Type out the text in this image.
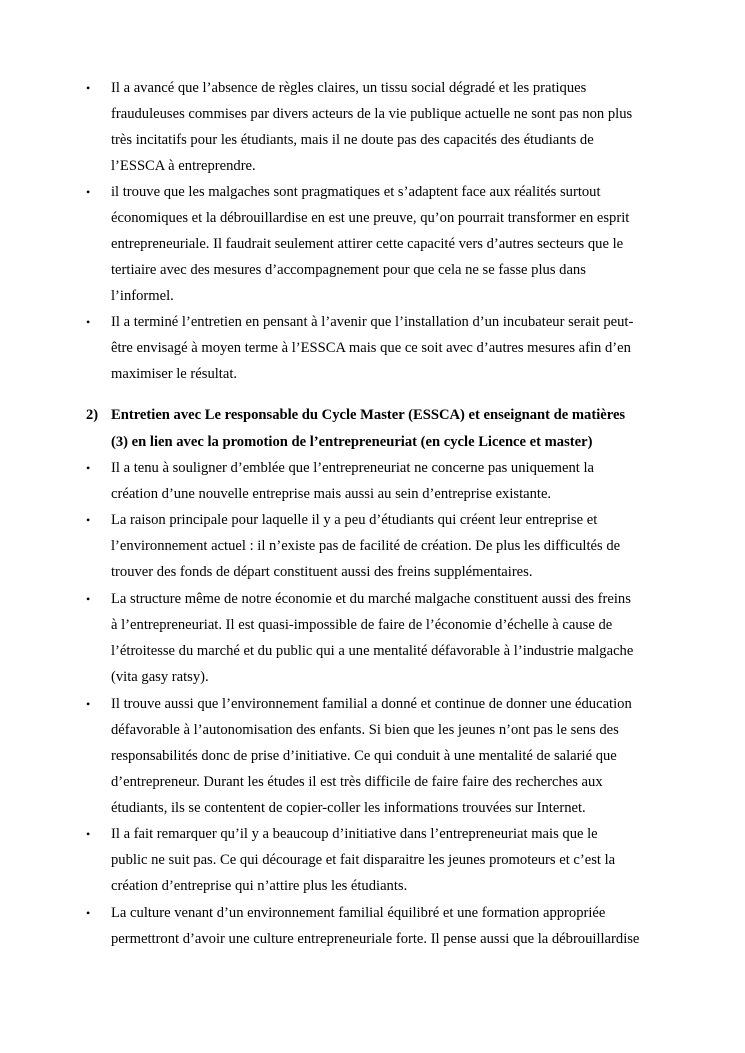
• Il a avancé que l’absence de règles claires, un tissu social dégradé et les pratiques
frauduleuses commises par divers acteurs de la vie publique actuelle ne sont pas non plus
très incitatifs pour les étudiants, mais il ne doute pas des capacités des étudiants de
l’ESSCA à entreprendre.
• il trouve que les malgaches sont pragmatiques et s’adaptent face aux réalités surtout
économiques et la débrouillardise en est une preuve, qu’on pourrait transformer en esprit
entrepreneuriale. Il faudrait seulement attirer cette capacité vers d’autres secteurs que le
tertiaire avec des mesures d’accompagnement pour que cela ne se fasse plus dans
l’informel.
• Il a terminé l’entretien en pensant à l’avenir que l’installation d’un incubateur serait peut-
être envisagé à moyen terme à l’ESSCA mais que ce soit avec d’autres mesures afin d’en
maximiser le résultat.
2) Entretien avec Le responsable du Cycle Master (ESSCA) et enseignant de matières
(3) en lien avec la promotion de l’entrepreneuriat (en cycle Licence et master)
• Il a tenu à souligner d’emblée que l’entrepreneuriat ne concerne pas uniquement la
création d’une nouvelle entreprise mais aussi au sein d’entreprise existante.
• La raison principale pour laquelle il y a peu d’étudiants qui créent leur entreprise et
l’environnement actuel : il n’existe pas de facilité de création. De plus les difficultés de
trouver des fonds de départ constituent aussi des freins supplémentaires.
• La structure même de notre économie et du marché malgache constituent aussi des freins
à l’entrepreneuriat. Il est quasi-impossible de faire de l’économie d’échelle à cause de
l’étroitesse du marché et du public qui a une mentalité défavorable à l’industrie malgache
(vita gasy ratsy).
• Il trouve aussi que l’environnement familial a donné et continue de donner une éducation
défavorable à l’autonomisation des enfants. Si bien que les jeunes n’ont pas le sens des
responsabilités donc de prise d’initiative. Ce qui conduit à une mentalité de salarié que
d’entrepreneur. Durant les études il est très difficile de faire faire des recherches aux
étudiants, ils se contentent de copier-coller les informations trouvées sur Internet.
• Il a fait remarquer qu’il y a beaucoup d’initiative dans l’entrepreneuriat mais que le
public ne suit pas. Ce qui décourage et fait disparaitre les jeunes promoteurs et c’est la
création d’entreprise qui n’attire plus les étudiants.
• La culture venant d’un environnement familial équilibré et une formation appropriée
permettront d’avoir une culture entrepreneuriale forte. Il pense aussi que la débrouillardise
